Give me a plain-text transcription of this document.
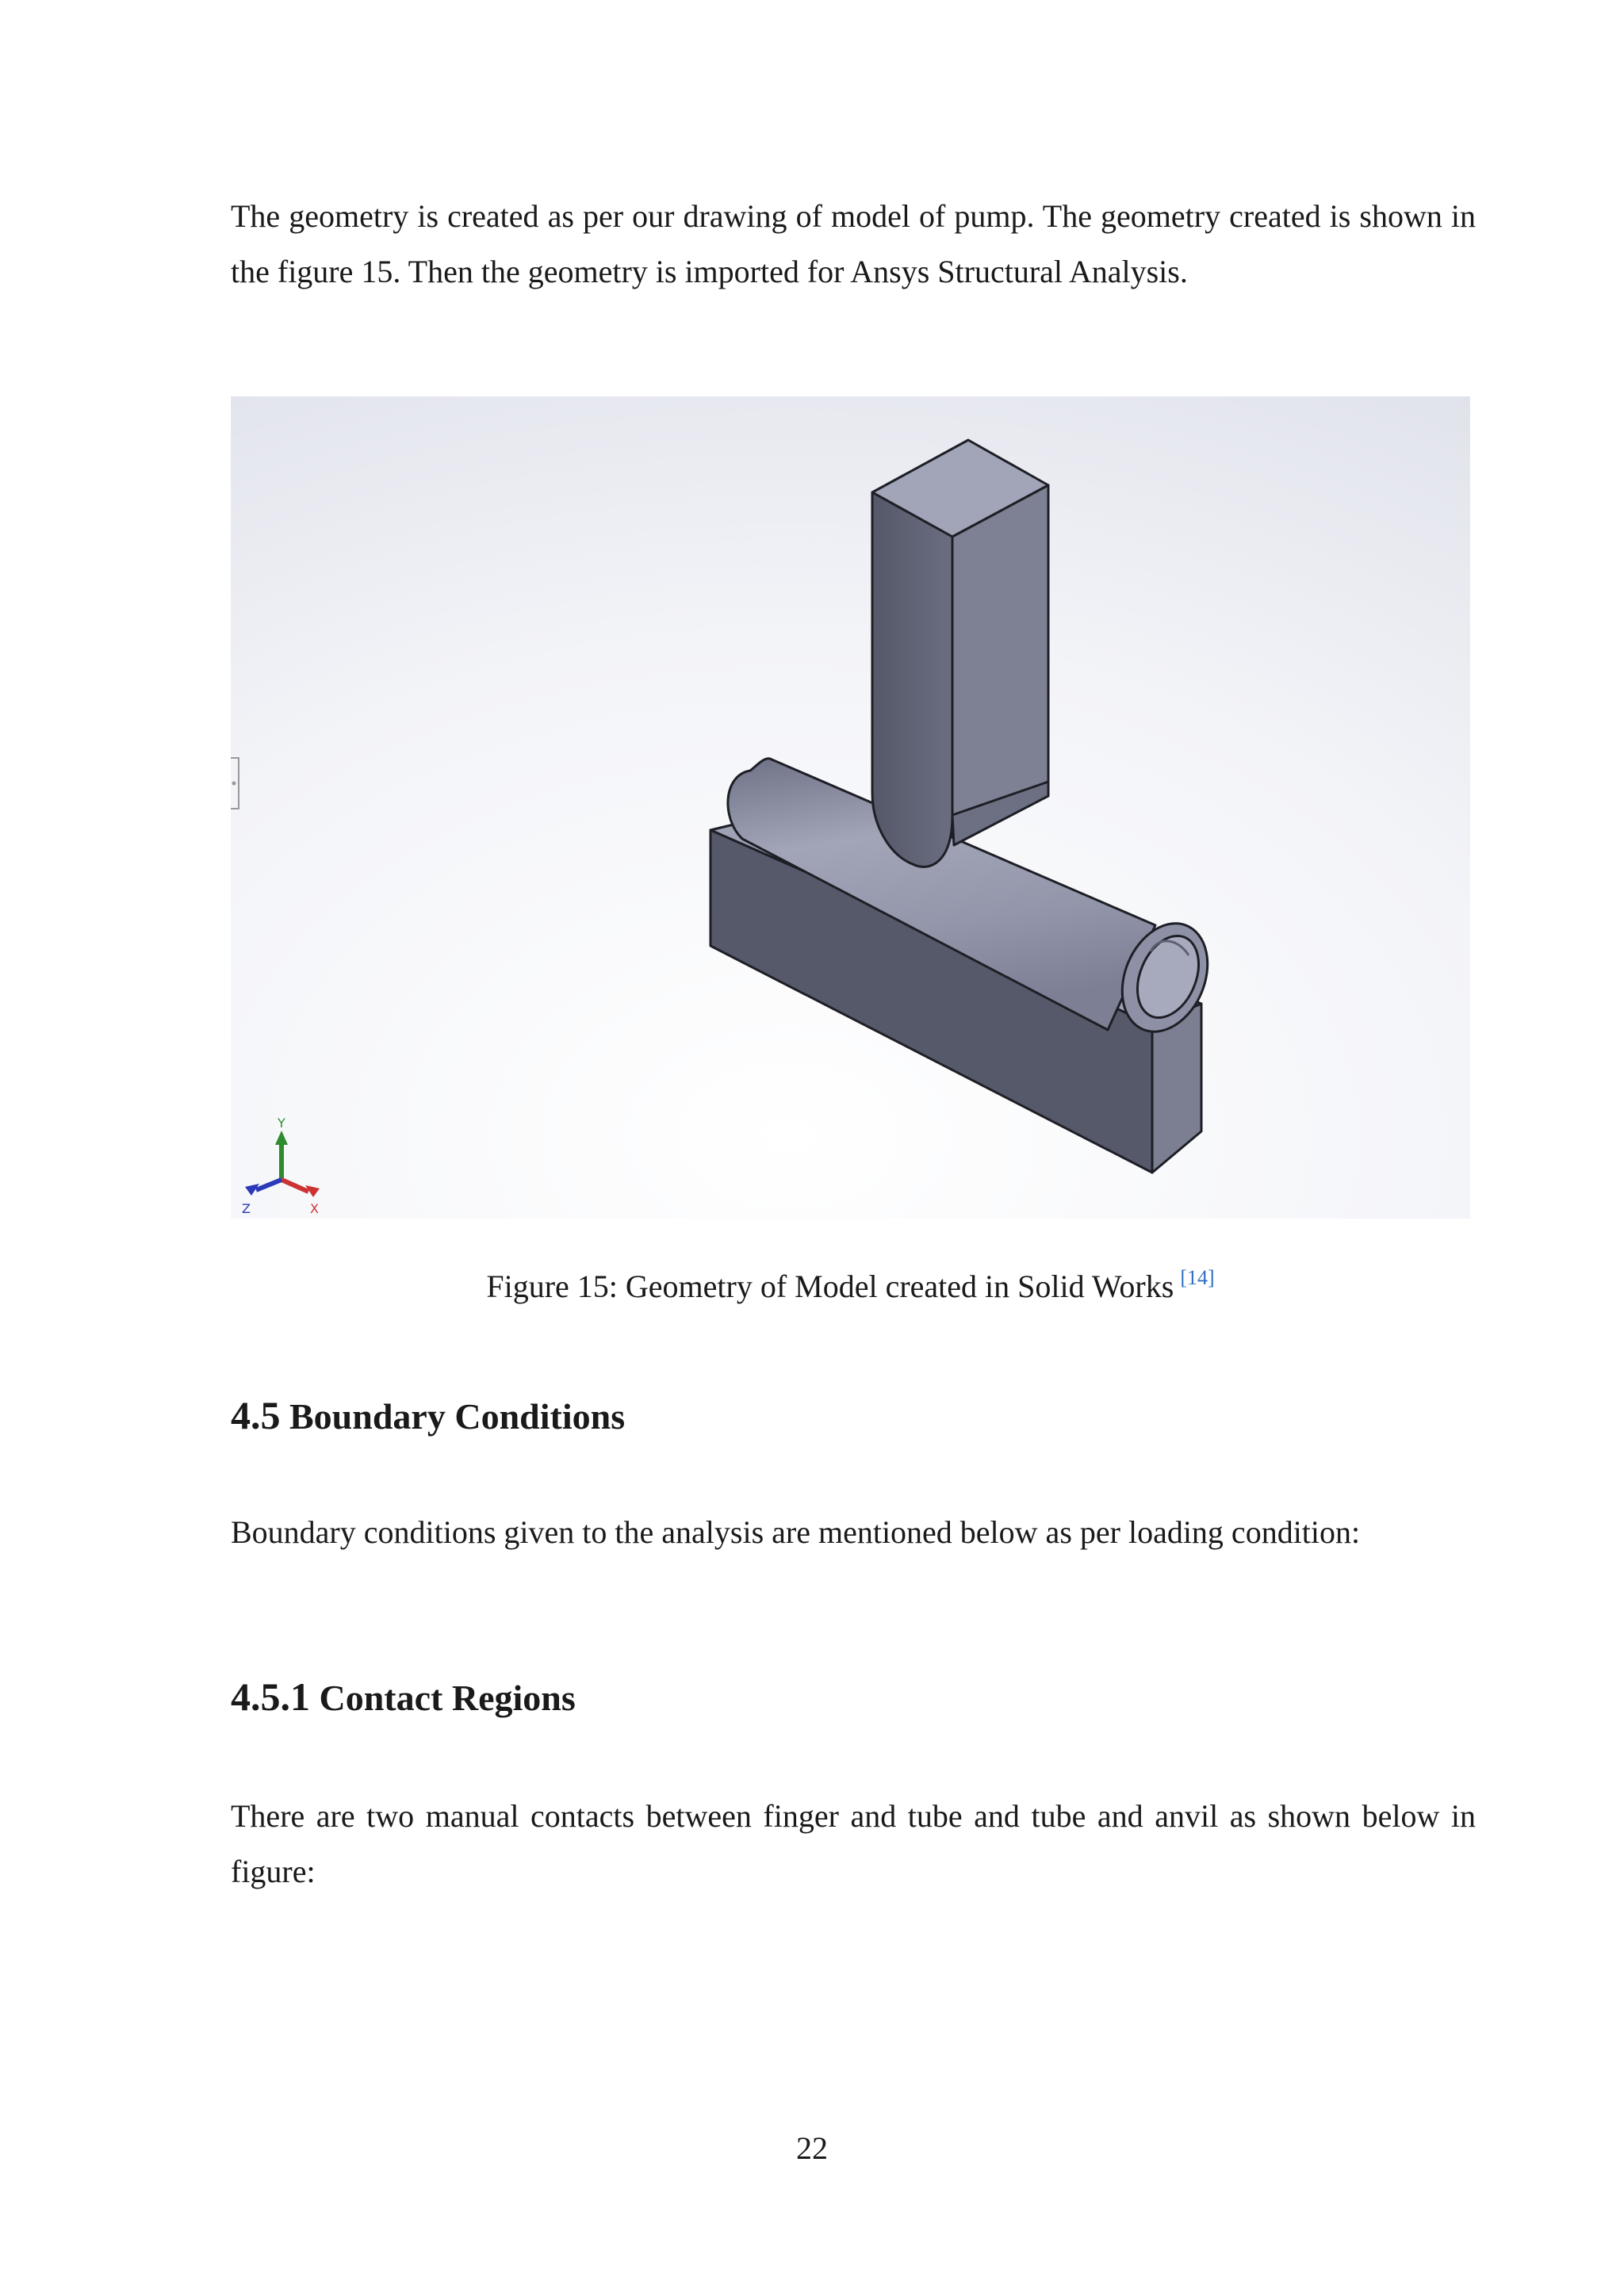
The geometry is created as per our drawing of model of pump. The geometry created is shown in the figure 15. Then the geometry is imported for Ansys Structural Analysis.

Y
X
Z
Figure 15: Geometry of Model created in Solid Works [14]
4.5 Boundary Conditions

Boundary conditions given to the analysis are mentioned below as per loading condition:

4.5.1 Contact Regions

There are two manual contacts between finger and tube and tube and anvil as shown below in figure:

22
